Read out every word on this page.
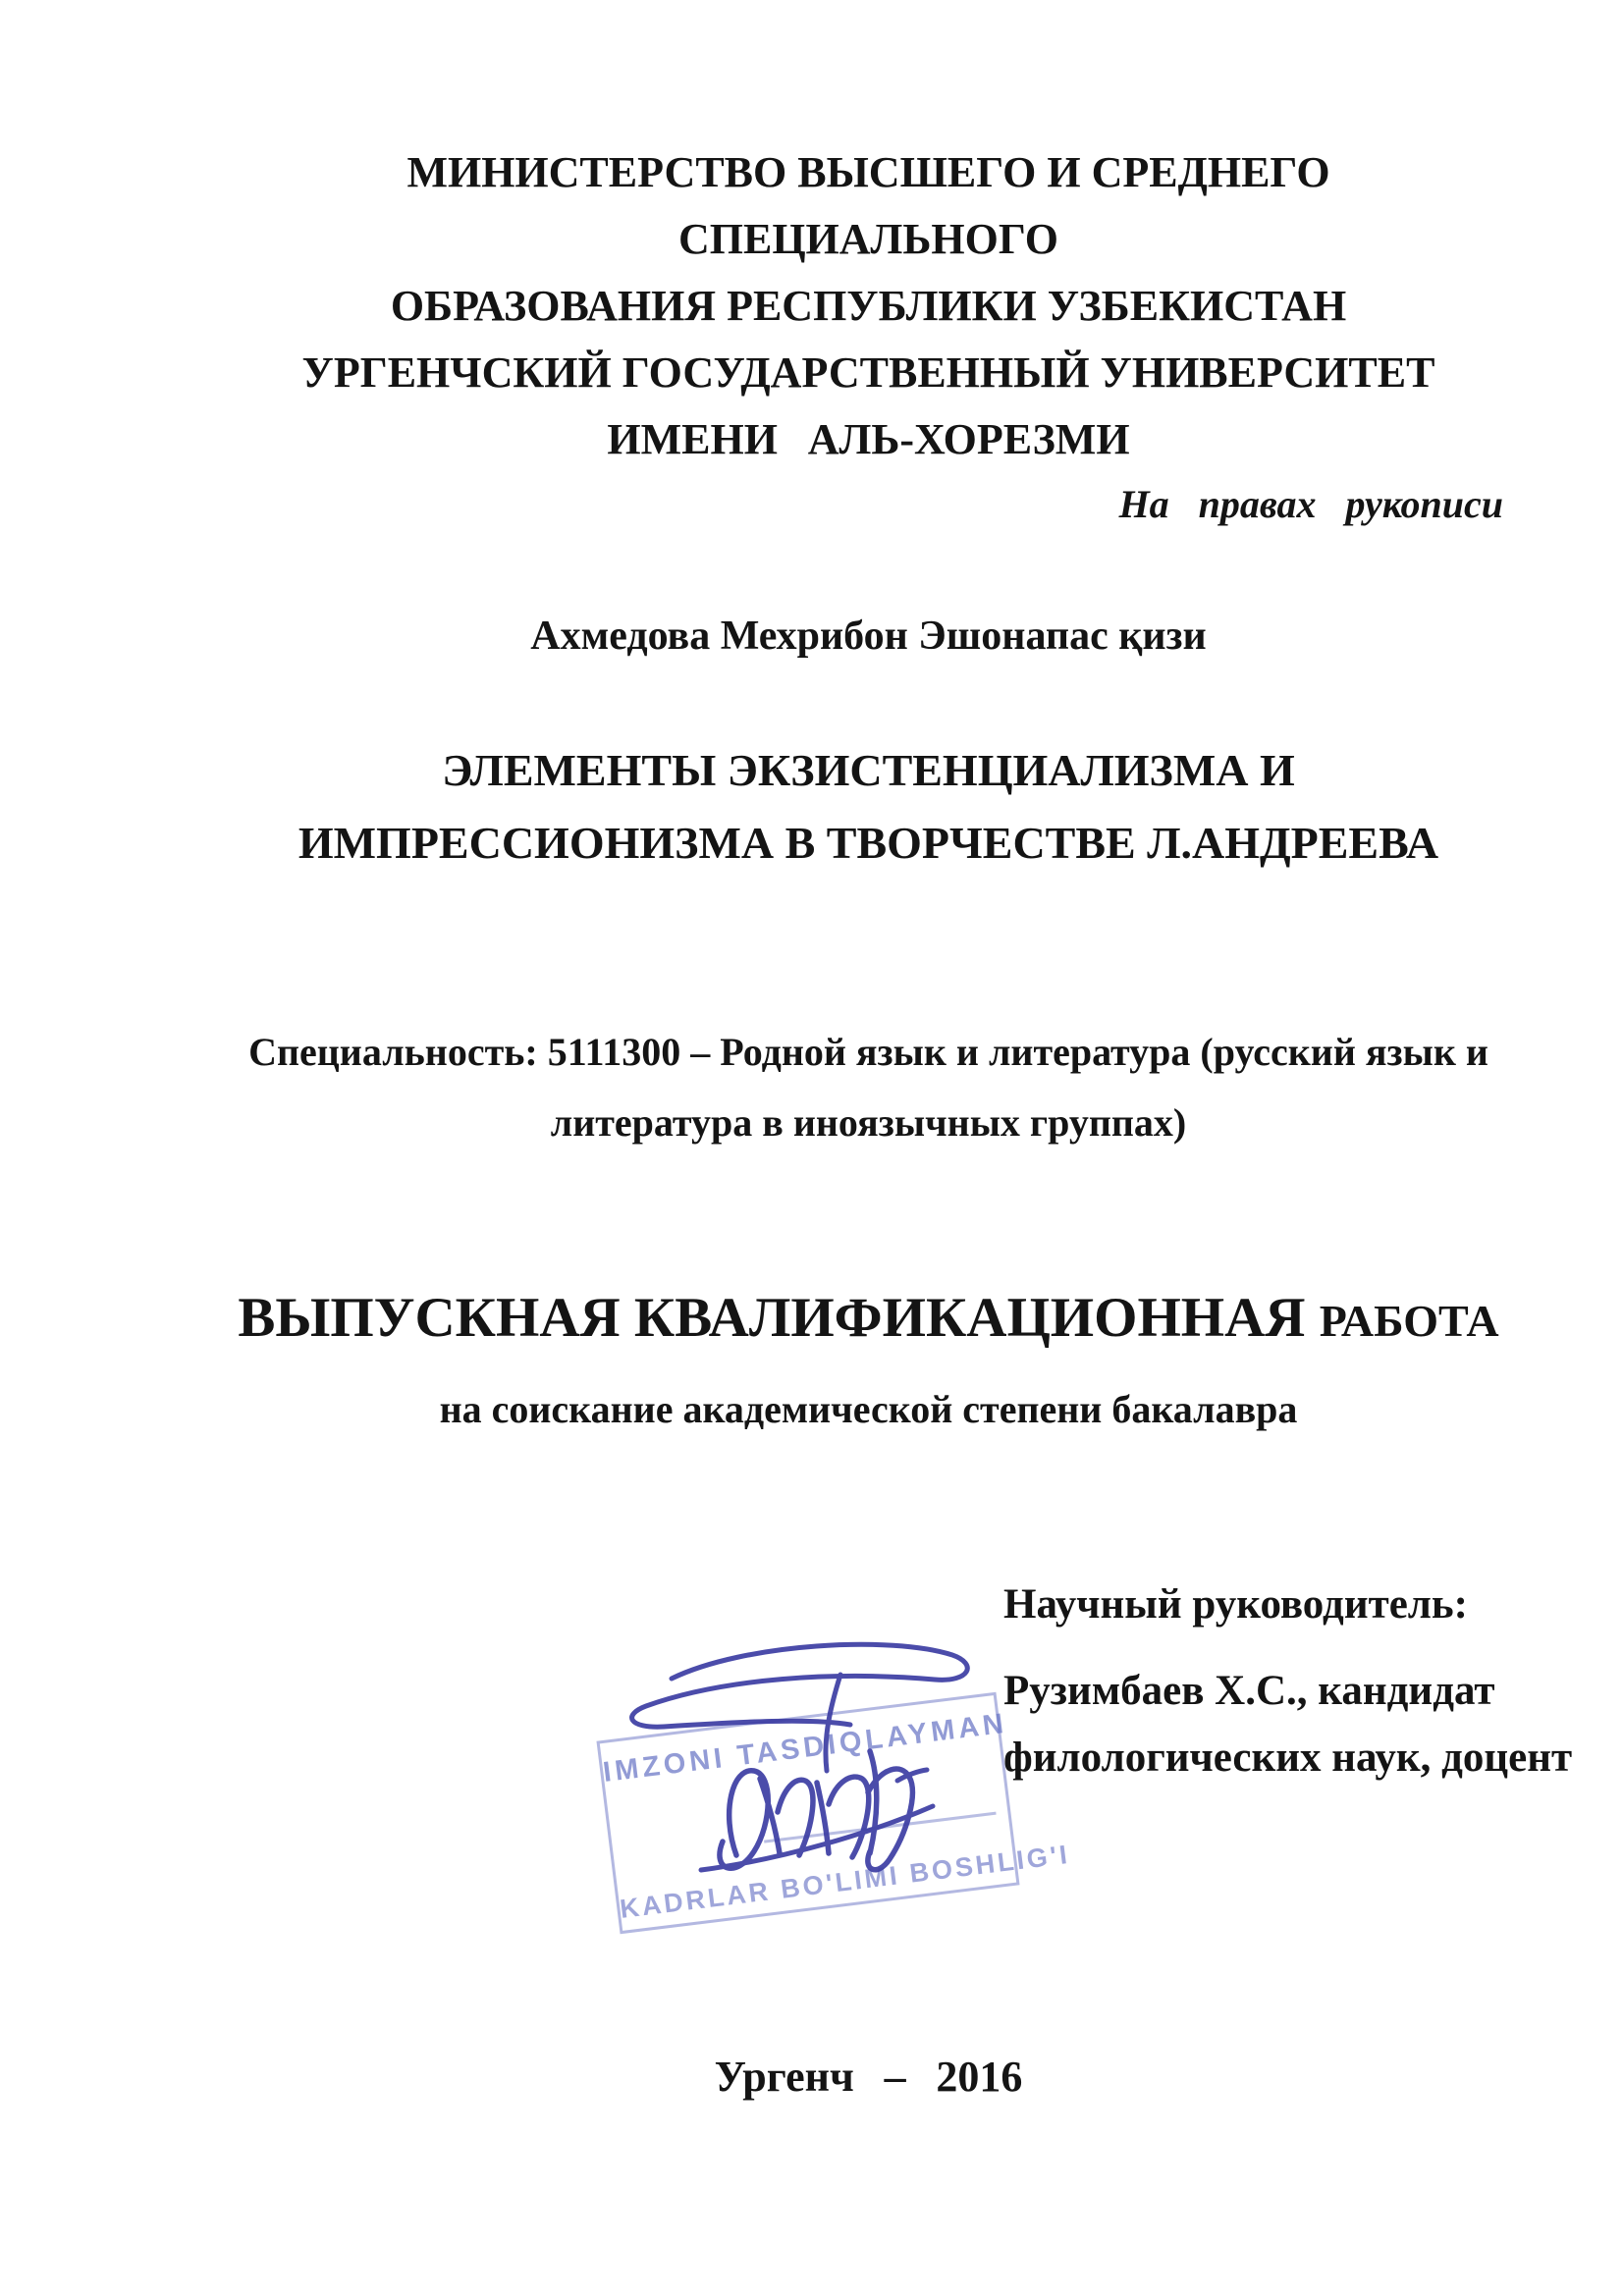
МИНИСТЕРСТВО ВЫСШЕГО И СРЕДНЕГО СПЕЦИАЛЬНОГО
ОБРАЗОВАНИЯ РЕСПУБЛИКИ УЗБЕКИСТАН
УРГЕНЧСКИЙ ГОСУДАРСТВЕННЫЙ УНИВЕРСИТЕТ
ИМЕНИ АЛЬ-ХОРЕЗМИ
На правах рукописи
Ахмедова Мехрибон Эшонапас қизи
ЭЛЕМЕНТЫ ЭКЗИСТЕНЦИАЛИЗМА И
ИМПРЕССИОНИЗМА В ТВОРЧЕСТВЕ Л.АНДРЕЕВА
Специальность: 5111300 – Родной язык и литература (русский язык и
литература в иноязычных группах)
ВЫПУСКНАЯ КВАЛИФИКАЦИОННАЯ РАБОТА
на соискание академической степени бакалавра
Научный руководитель:
Рузимбаев Х.С., кандидат
филологических наук, доцент
IMZONI TASDIQLAYMAN
KADRLAR BO'LIMI BOSHLIG'I
Ургенч – 2016
